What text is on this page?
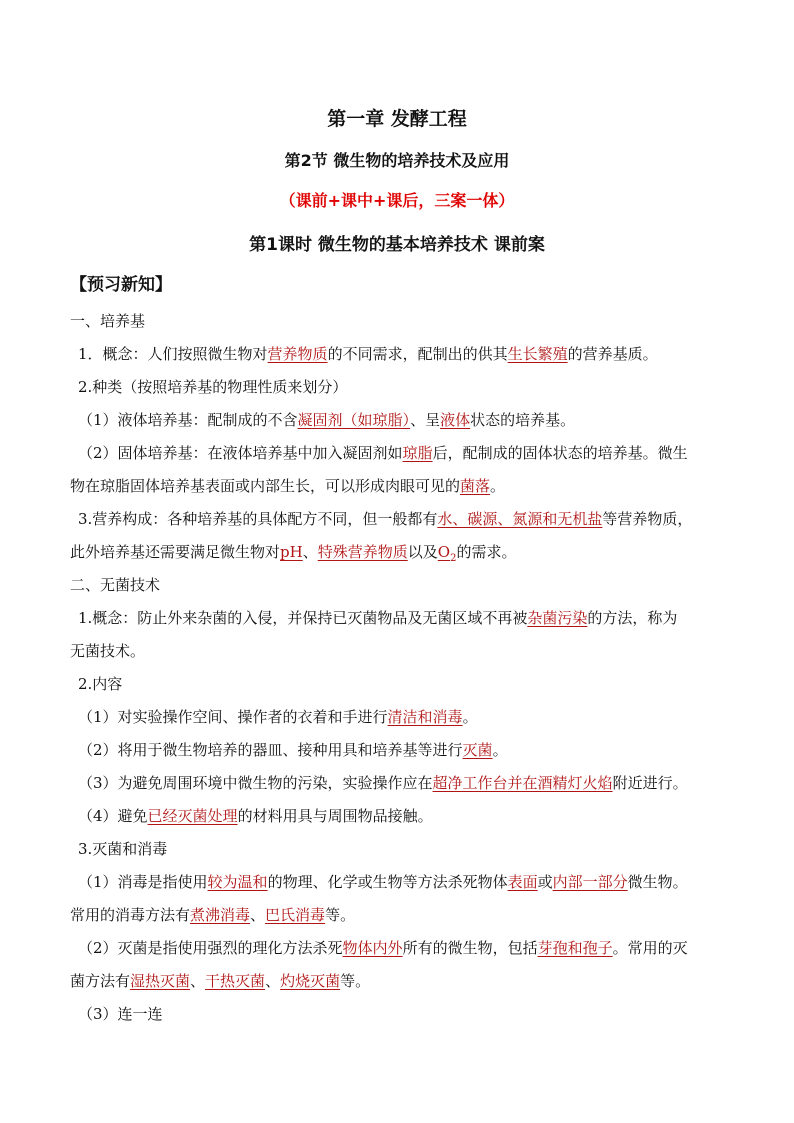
第一章 发酵工程
第2节 微生物的培养技术及应用
（课前+课中+课后，三案一体）
第1课时 微生物的基本培养技术 课前案
【预习新知】
一、培养基
1．概念：人们按照微生物对营养物质的不同需求，配制出的供其生长繁殖的营养基质。
2.种类（按照培养基的物理性质来划分）
（1）液体培养基：配制成的不含凝固剂（如琼脂）、呈液体状态的培养基。
（2）固体培养基：在液体培养基中加入凝固剂如琼脂后，配制成的固体状态的培养基。微生
物在琼脂固体培养基表面或内部生长，可以形成肉眼可见的菌落。
3.营养构成：各种培养基的具体配方不同，但一般都有水、碳源、氮源和无机盐等营养物质，
此外培养基还需要满足微生物对pH、特殊营养物质以及$O_2$的需求。
二、无菌技术
1.概念：防止外来杂菌的入侵，并保持已灭菌物品及无菌区域不再被杂菌污染的方法，称为
无菌技术。
2.内容
（1）对实验操作空间、操作者的衣着和手进行清洁和消毒。
（2）将用于微生物培养的器皿、接种用具和培养基等进行灭菌。
（3）为避免周围环境中微生物的污染，实验操作应在超净工作台并在酒精灯火焰附近进行。
（4）避免已经灭菌处理的材料用具与周围物品接触。
3.灭菌和消毒
（1）消毒是指使用较为温和的物理、化学或生物等方法杀死物体表面或内部一部分微生物。
常用的消毒方法有煮沸消毒、巴氏消毒等。
（2）灭菌是指使用强烈的理化方法杀死物体内外所有的微生物，包括芽孢和孢子。常用的灭
菌方法有湿热灭菌、干热灭菌、灼烧灭菌等。
（3）连一连
